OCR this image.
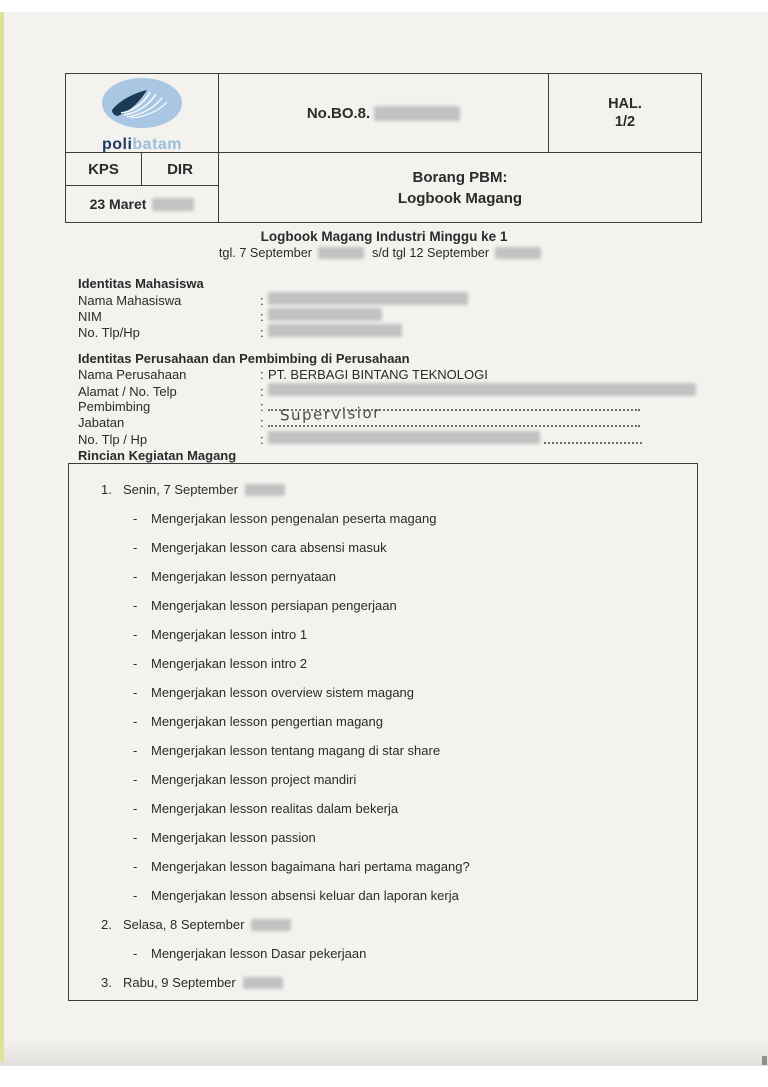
polibatam
No.BO.8.
HAL.
1/2
KPS	DIR
23 Maret
Borang PBM:
Logbook Magang
Logbook Magang Industri Minggu ke 1
tgl. 7 September	s/d tgl 12 September
Identitas Mahasiswa
Nama Mahasiswa	:
NIM	:
No. Tlp/Hp	:
Identitas Perusahaan dan Pembimbing di Perusahaan
Nama Perusahaan	: PT. BERBAGI BINTANG TEKNOLOGI
Alamat / No. Telp	:
Pembimbing	:
Jabatan	: Supervisior
No. Tlp / Hp	:
Rincian Kegiatan Magang
1. Senin, 7 September
-	Mengerjakan lesson pengenalan peserta magang
-	Mengerjakan lesson cara absensi masuk
-	Mengerjakan lesson pernyataan
-	Mengerjakan lesson persiapan pengerjaan
-	Mengerjakan lesson intro 1
-	Mengerjakan lesson intro 2
-	Mengerjakan lesson overview sistem magang
-	Mengerjakan lesson pengertian magang
-	Mengerjakan lesson tentang magang di star share
-	Mengerjakan lesson project mandiri
-	Mengerjakan lesson realitas dalam bekerja
-	Mengerjakan lesson passion
-	Mengerjakan lesson bagaimana hari pertama magang?
-	Mengerjakan lesson absensi keluar dan laporan kerja
2. Selasa, 8 September
-	Mengerjakan lesson Dasar pekerjaan
3. Rabu, 9 September
